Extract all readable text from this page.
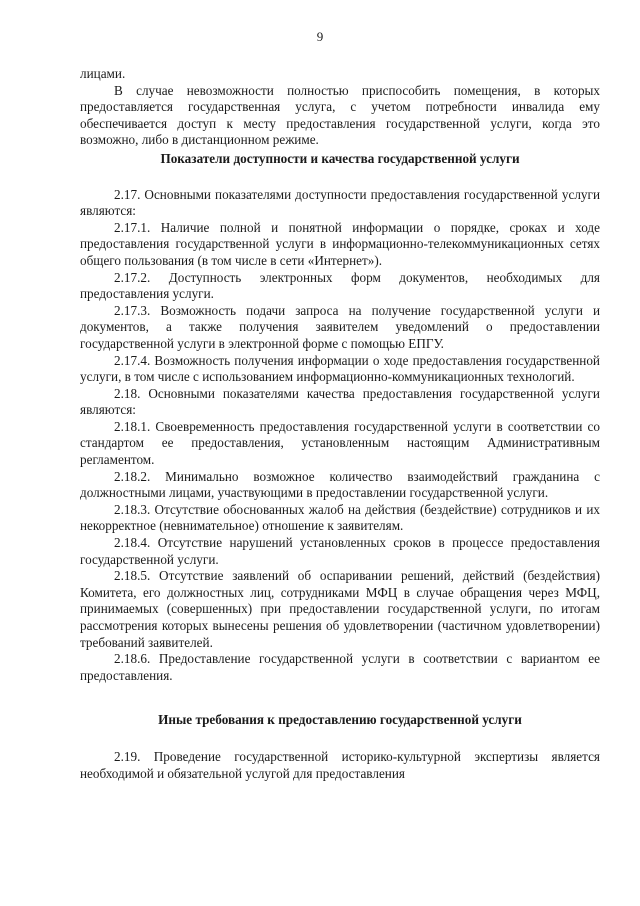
9

лицами.

В случае невозможности полностью приспособить помещения, в которых предоставляется государственная услуга, с учетом потребности инвалида ему обеспечивается доступ к месту предоставления государственной услуги, когда это возможно, либо в дистанционном режиме.

Показатели доступности и качества государственной услуги

2.17. Основными показателями доступности предоставления государственной услуги являются:

2.17.1. Наличие полной и понятной информации о порядке, сроках и ходе предоставления государственной услуги в информационно-телекоммуникационных сетях общего пользования (в том числе в сети «Интернет»).

2.17.2. Доступность электронных форм документов, необходимых для предоставления услуги.

2.17.3. Возможность подачи запроса на получение государственной услуги и документов, а также получения заявителем уведомлений о предоставлении государственной услуги в электронной форме с помощью ЕПГУ.

2.17.4. Возможность получения информации о ходе предоставления государственной услуги, в том числе с использованием информационно-коммуникационных технологий.

2.18. Основными показателями качества предоставления государственной услуги являются:

2.18.1. Своевременность предоставления государственной услуги в соответствии со стандартом ее предоставления, установленным настоящим Административным регламентом.

2.18.2. Минимально возможное количество взаимодействий гражданина с должностными лицами, участвующими в предоставлении государственной услуги.

2.18.3. Отсутствие обоснованных жалоб на действия (бездействие) сотрудников и их некорректное (невнимательное) отношение к заявителям.

2.18.4. Отсутствие нарушений установленных сроков в процессе предоставления государственной услуги.

2.18.5. Отсутствие заявлений об оспаривании решений, действий (бездействия) Комитета, его должностных лиц, сотрудниками МФЦ в случае обращения через МФЦ, принимаемых (совершенных) при предоставлении государственной услуги, по итогам рассмотрения которых вынесены решения об удовлетворении (частичном удовлетворении) требований заявителей.

2.18.6. Предоставление государственной услуги в соответствии с вариантом ее предоставления.

Иные требования к предоставлению государственной услуги

2.19. Проведение государственной историко-культурной экспертизы является необходимой и обязательной услугой для предоставления
